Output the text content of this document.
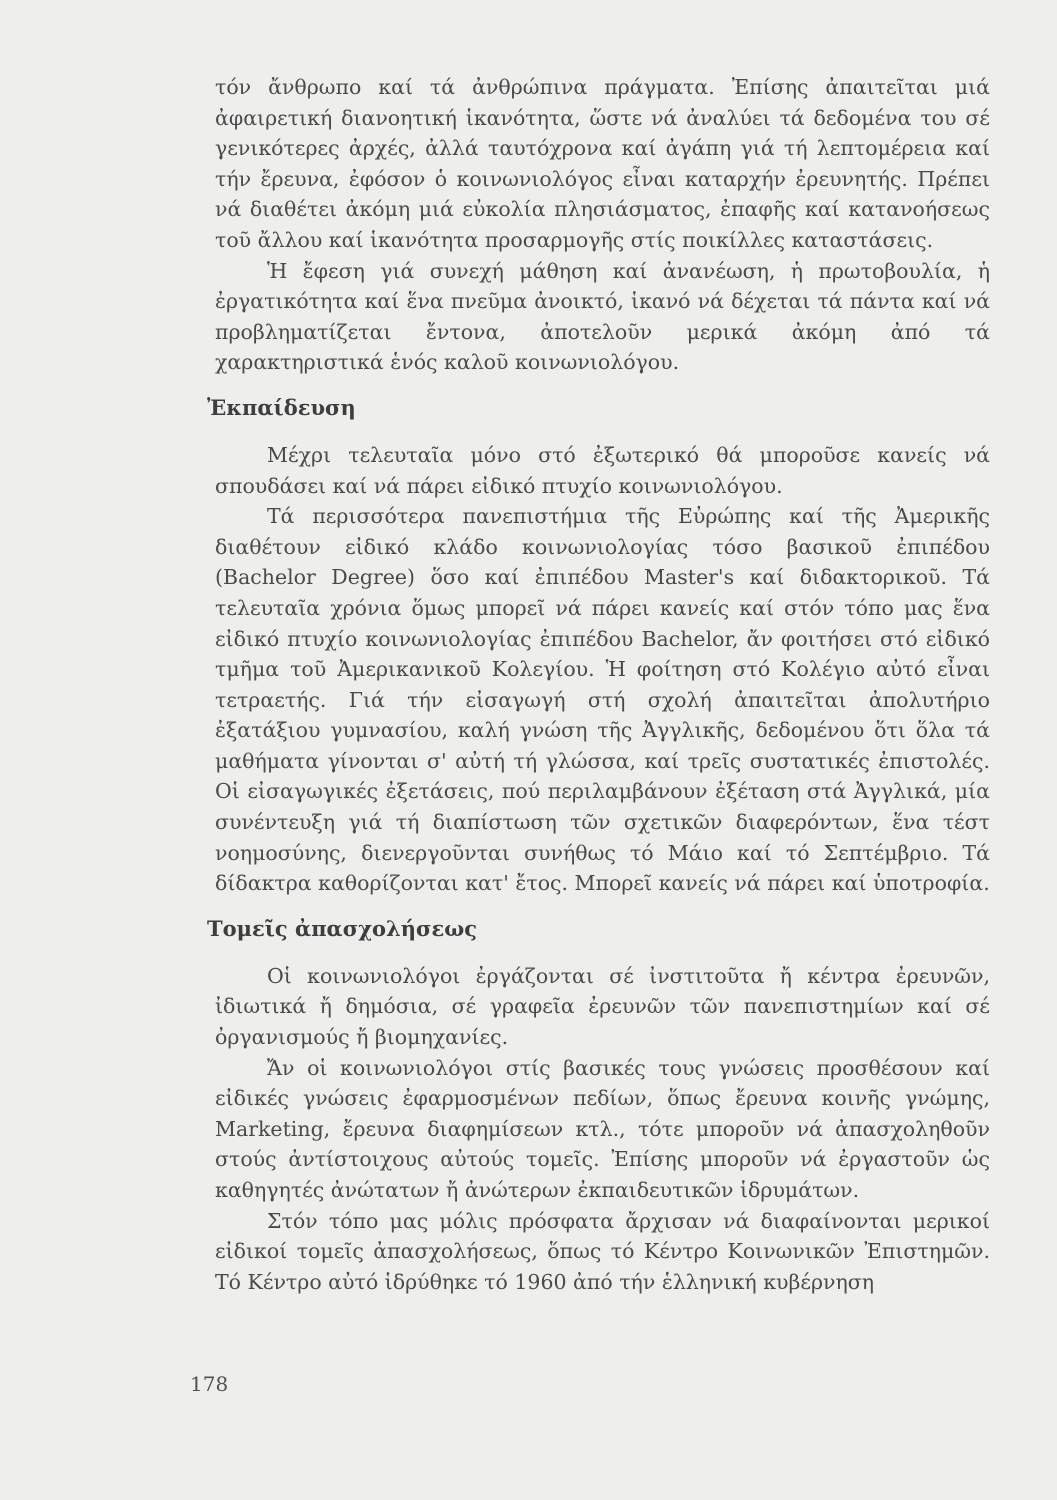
τόν ἄνθρωπο καί τά ἀνθρώπινα πράγματα. Ἐπίσης ἀπαιτεῖται μιά ἀφαιρετική διανοητική ἱκανότητα, ὥστε νά ἀναλύει τά δεδομένα του σέ γενικότερες ἀρχές, ἀλλά ταυτόχρονα καί ἀγάπη γιά τή λεπτομέρεια καί τήν ἔρευνα, ἐφόσον ὁ κοινωνιολόγος εἶναι καταρχήν ἐρευνητής. Πρέπει νά διαθέτει ἀκόμη μιά εὐκολία πλησιάσματος, ἐπαφῆς καί κατανοήσεως τοῦ ἄλλου καί ἱκανότητα προσαρμογῆς στίς ποικίλλες καταστάσεις.

Ἡ ἔφεση γιά συνεχή μάθηση καί ἀνανέωση, ἡ πρωτοβουλία, ἡ ἐργατικότητα καί ἕνα πνεῦμα ἀνοικτό, ἱκανό νά δέχεται τά πάντα καί νά προβληματίζεται ἔντονα, ἀποτελοῦν μερικά ἀκόμη ἀπό τά χαρακτηριστικά ἑνός καλοῦ κοινωνιολόγου.

Ἐκπαίδευση

Μέχρι τελευταῖα μόνο στό ἐξωτερικό θά μποροῦσε κανείς νά σπουδάσει καί νά πάρει εἰδικό πτυχίο κοινωνιολόγου.

Τά περισσότερα πανεπιστήμια τῆς Εὐρώπης καί τῆς Ἀμερικῆς διαθέτουν εἰδικό κλάδο κοινωνιολογίας τόσο βασικοῦ ἐπιπέδου (Bachelor Degree) ὅσο καί ἐπιπέδου Master's καί διδακτορικοῦ. Τά τελευταῖα χρόνια ὅμως μπορεῖ νά πάρει κανείς καί στόν τόπο μας ἕνα εἰδικό πτυχίο κοινωνιολογίας ἐπιπέδου Bachelor, ἄν φοιτήσει στό εἰδικό τμῆμα τοῦ Ἀμερικανικοῦ Κολεγίου. Ἡ φοίτηση στό Κολέγιο αὐτό εἶναι τετραετής. Γιά τήν εἰσαγωγή στή σχολή ἀπαιτεῖται ἀπολυτήριο ἑξατάξιου γυμνασίου, καλή γνώση τῆς Ἀγγλικῆς, δεδομένου ὅτι ὅλα τά μαθήματα γίνονται σ' αὐτή τή γλώσσα, καί τρεῖς συστατικές ἐπιστολές. Οἱ εἰσαγωγικές ἐξετάσεις, πού περιλαμβάνουν ἐξέταση στά Ἀγγλικά, μία συνέντευξη γιά τή διαπίστωση τῶν σχετικῶν διαφερόντων, ἕνα τέστ νοημοσύνης, διενεργοῦνται συνήθως τό Μάιο καί τό Σεπτέμβριο. Τά δίδακτρα καθορίζονται κατ' ἔτος. Μπορεῖ κανείς νά πάρει καί ὑποτροφία.

Τομεῖς ἀπασχολήσεως

Οἱ κοινωνιολόγοι ἐργάζονται σέ ἰνστιτοῦτα ἤ κέντρα ἐρευνῶν, ἰδιωτικά ἤ δημόσια, σέ γραφεῖα ἐρευνῶν τῶν πανεπιστημίων καί σέ ὀργανισμούς ἤ βιομηχανίες.

Ἄν οἱ κοινωνιολόγοι στίς βασικές τους γνώσεις προσθέσουν καί εἰδικές γνώσεις ἐφαρμοσμένων πεδίων, ὅπως ἔρευνα κοινῆς γνώμης, Marketing, ἔρευνα διαφημίσεων κτλ., τότε μποροῦν νά ἀπασχοληθοῦν στούς ἀντίστοιχους αὐτούς τομεῖς. Ἐπίσης μποροῦν νά ἐργαστοῦν ὡς καθηγητές ἀνώτατων ἤ ἀνώτερων ἐκπαιδευτικῶν ἱδρυμάτων.

Στόν τόπο μας μόλις πρόσφατα ἄρχισαν νά διαφαίνονται μερικοί εἰδικοί τομεῖς ἀπασχολήσεως, ὅπως τό Κέντρο Κοινωνικῶν Ἐπιστημῶν. Τό Κέντρο αὐτό ἱδρύθηκε τό 1960 ἀπό τήν ἑλληνική κυβέρνηση

178
